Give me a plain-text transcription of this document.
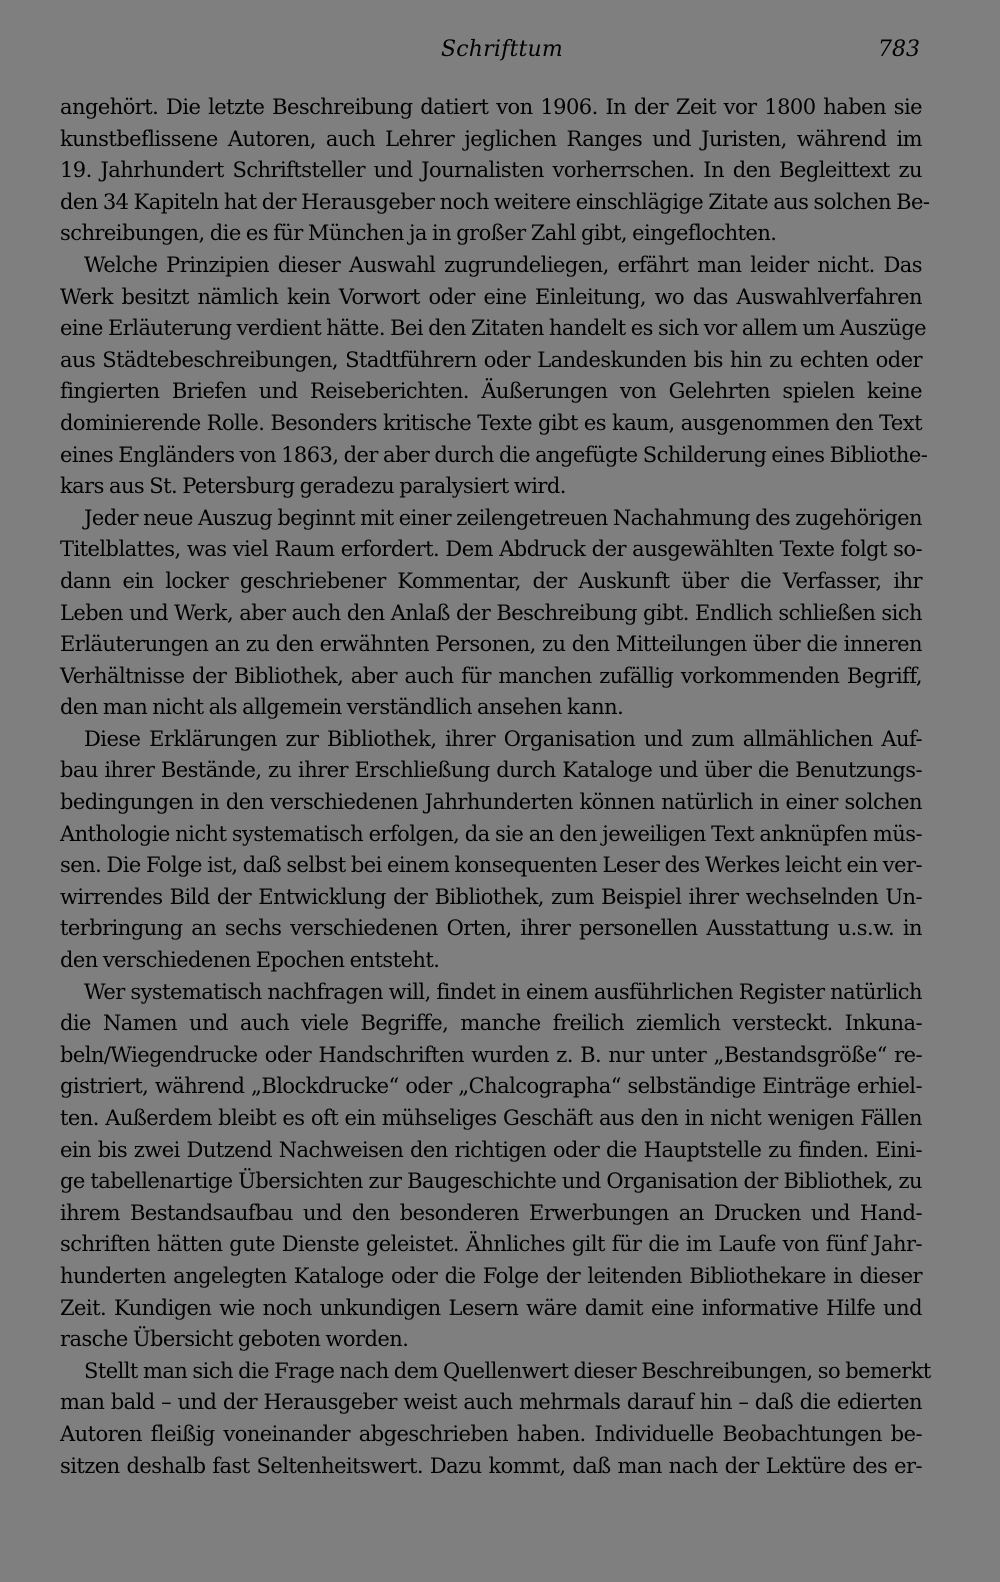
Schrifttum	783
angehört. Die letzte Beschreibung datiert von 1906. In der Zeit vor 1800 haben sie
kunstbeflissene Autoren, auch Lehrer jeglichen Ranges und Juristen, während im
19. Jahrhundert Schriftsteller und Journalisten vorherrschen. In den Begleittext zu
den 34 Kapiteln hat der Herausgeber noch weitere einschlägige Zitate aus solchen Be-
schreibungen, die es für München ja in großer Zahl gibt, eingeflochten.
Welche Prinzipien dieser Auswahl zugrundeliegen, erfährt man leider nicht. Das
Werk besitzt nämlich kein Vorwort oder eine Einleitung, wo das Auswahlverfahren
eine Erläuterung verdient hätte. Bei den Zitaten handelt es sich vor allem um Auszüge
aus Städtebeschreibungen, Stadtführern oder Landeskunden bis hin zu echten oder
fingierten Briefen und Reiseberichten. Äußerungen von Gelehrten spielen keine
dominierende Rolle. Besonders kritische Texte gibt es kaum, ausgenommen den Text
eines Engländers von 1863, der aber durch die angefügte Schilderung eines Bibliothe-
kars aus St. Petersburg geradezu paralysiert wird.
Jeder neue Auszug beginnt mit einer zeilengetreuen Nachahmung des zugehörigen
Titelblattes, was viel Raum erfordert. Dem Abdruck der ausgewählten Texte folgt so-
dann ein locker geschriebener Kommentar, der Auskunft über die Verfasser, ihr
Leben und Werk, aber auch den Anlaß der Beschreibung gibt. Endlich schließen sich
Erläuterungen an zu den erwähnten Personen, zu den Mitteilungen über die inneren
Verhältnisse der Bibliothek, aber auch für manchen zufällig vorkommenden Begriff,
den man nicht als allgemein verständlich ansehen kann.
Diese Erklärungen zur Bibliothek, ihrer Organisation und zum allmählichen Auf-
bau ihrer Bestände, zu ihrer Erschließung durch Kataloge und über die Benutzungs-
bedingungen in den verschiedenen Jahrhunderten können natürlich in einer solchen
Anthologie nicht systematisch erfolgen, da sie an den jeweiligen Text anknüpfen müs-
sen. Die Folge ist, daß selbst bei einem konsequenten Leser des Werkes leicht ein ver-
wirrendes Bild der Entwicklung der Bibliothek, zum Beispiel ihrer wechselnden Un-
terbringung an sechs verschiedenen Orten, ihrer personellen Ausstattung u.s.w. in
den verschiedenen Epochen entsteht.
Wer systematisch nachfragen will, findet in einem ausführlichen Register natürlich
die Namen und auch viele Begriffe, manche freilich ziemlich versteckt. Inkuna-
beln/Wiegendrucke oder Handschriften wurden z. B. nur unter „Bestandsgröße“ re-
gistriert, während „Blockdrucke“ oder „Chalcographa“ selbständige Einträge erhiel-
ten. Außerdem bleibt es oft ein mühseliges Geschäft aus den in nicht wenigen Fällen
ein bis zwei Dutzend Nachweisen den richtigen oder die Hauptstelle zu finden. Eini-
ge tabellenartige Übersichten zur Baugeschichte und Organisation der Bibliothek, zu
ihrem Bestandsaufbau und den besonderen Erwerbungen an Drucken und Hand-
schriften hätten gute Dienste geleistet. Ähnliches gilt für die im Laufe von fünf Jahr-
hunderten angelegten Kataloge oder die Folge der leitenden Bibliothekare in dieser
Zeit. Kundigen wie noch unkundigen Lesern wäre damit eine informative Hilfe und
rasche Übersicht geboten worden.
Stellt man sich die Frage nach dem Quellenwert dieser Beschreibungen, so bemerkt
man bald – und der Herausgeber weist auch mehrmals darauf hin – daß die edierten
Autoren fleißig voneinander abgeschrieben haben. Individuelle Beobachtungen be-
sitzen deshalb fast Seltenheitswert. Dazu kommt, daß man nach der Lektüre des er-
